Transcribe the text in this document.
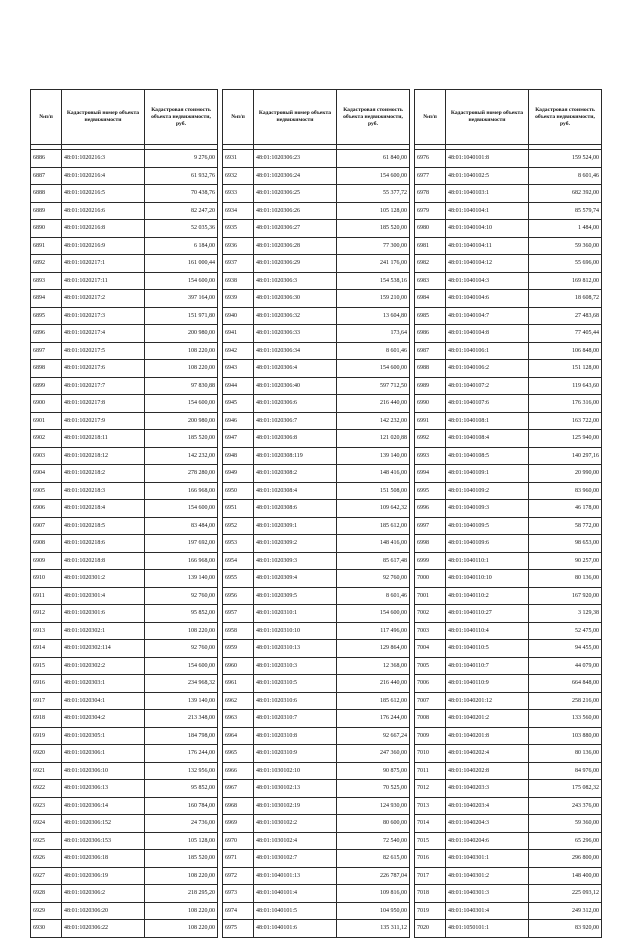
№п/п	Кадастровый номер объекта недвижимости	Кадастровая стоимость объекта недвижимости, руб.

6886	48:01:1020216:3	9 276,00
6887	48:01:1020216:4	61 932,76
6888	48:01:1020216:5	70 438,76
6889	48:01:1020216:6	82 247,20
6890	48:01:1020216:8	52 035,36
6891	48:01:1020216:9	6 184,00
6892	48:01:1020217:1	161 000,44
6893	48:01:1020217:11	154 600,00
6894	48:01:1020217:2	397 164,00
6895	48:01:1020217:3	151 971,80
6896	48:01:1020217:4	200 980,00
6897	48:01:1020217:5	108 220,00
6898	48:01:1020217:6	108 220,00
6899	48:01:1020217:7	97 830,88
6900	48:01:1020217:8	154 600,00
6901	48:01:1020217:9	200 980,00
6902	48:01:1020218:11	185 520,00
6903	48:01:1020218:12	142 232,00
6904	48:01:1020218:2	278 280,00
6905	48:01:1020218:3	166 968,00
6906	48:01:1020218:4	154 600,00
6907	48:01:1020218:5	83 484,00
6908	48:01:1020218:6	197 692,00
6909	48:01:1020218:8	166 968,00
6910	48:01:1020301:2	139 140,00
6911	48:01:1020301:4	92 760,00
6912	48:01:1020301:6	95 852,00
6913	48:01:1020302:1	108 220,00
6914	48:01:1020302:114	92 760,00
6915	48:01:1020302:2	154 600,00
6916	48:01:1020303:1	234 968,32
6917	48:01:1020304:1	139 140,00
6918	48:01:1020304:2	213 348,00
6919	48:01:1020305:1	184 798,00
6920	48:01:1020306:1	176 244,00
6921	48:01:1020306:10	132 956,00
6922	48:01:1020306:13	95 852,00
6923	48:01:1020306:14	160 784,00
6924	48:01:1020306:152	24 736,00
6925	48:01:1020306:153	105 128,00
6926	48:01:1020306:18	185 520,00
6927	48:01:1020306:19	108 220,00
6928	48:01:1020306:2	218 295,20
6929	48:01:1020306:20	108 220,00
6930	48:01:1020306:22	108 220,00
№п/п	Кадастровый номер объекта недвижимости	Кадастровая стоимость объекта недвижимости, руб.

6931	48:01:1020306:23	61 840,00
6932	48:01:1020306:24	154 600,00
6933	48:01:1020306:25	55 377,72
6934	48:01:1020306:26	105 128,00
6935	48:01:1020306:27	185 520,00
6936	48:01:1020306:28	77 300,00
6937	48:01:1020306:29	241 176,00
6938	48:01:1020306:3	154 538,16
6939	48:01:1020306:30	159 210,00
6940	48:01:1020306:32	13 604,80
6941	48:01:1020306:33	173,64
6942	48:01:1020306:34	8 601,46
6943	48:01:1020306:4	154 600,00
6944	48:01:1020306:40	597 712,50
6945	48:01:1020306:6	216 440,00
6946	48:01:1020306:7	142 232,00
6947	48:01:1020306:8	121 020,88
6948	48:01:1020308:119	139 140,00
6949	48:01:1020308:2	148 416,00
6950	48:01:1020308:4	151 508,00
6951	48:01:1020308:6	109 642,32
6952	48:01:1020309:1	185 612,00
6953	48:01:1020309:2	148 416,00
6954	48:01:1020309:3	85 617,48
6955	48:01:1020309:4	92 760,00
6956	48:01:1020309:5	8 601,46
6957	48:01:1020310:1	154 600,00
6958	48:01:1020310:10	117 496,00
6959	48:01:1020310:13	129 864,00
6960	48:01:1020310:3	12 368,00
6961	48:01:1020310:5	216 440,00
6962	48:01:1020310:6	185 612,00
6963	48:01:1020310:7	176 244,00
6964	48:01:1020310:8	92 667,24
6965	48:01:1020310:9	247 360,00
6966	48:01:1030102:10	90 875,00
6967	48:01:1030102:13	70 525,00
6968	48:01:1030102:19	124 930,00
6969	48:01:1030102:2	80 600,00
6970	48:01:1030102:4	72 540,00
6971	48:01:1030102:7	82 615,00
6972	48:01:1040101:13	226 787,04
6973	48:01:1040101:4	109 816,00
6974	48:01:1040101:5	104 950,00
6975	48:01:1040101:6	135 311,12
№п/п	Кадастровый номер объекта недвижимости	Кадастровая стоимость объекта недвижимости, руб.

6976	48:01:1040101:8	159 524,00
6977	48:01:1040102:5	8 601,46
6978	48:01:1040103:1	682 392,00
6979	48:01:1040104:1	85 579,74
6980	48:01:1040104:10	1 484,00
6981	48:01:1040104:11	59 360,00
6982	48:01:1040104:12	55 696,00
6983	48:01:1040104:3	169 812,00
6984	48:01:1040104:6	18 608,72
6985	48:01:1040104:7	27 483,68
6986	48:01:1040104:8	77 405,44
6987	48:01:1040106:1	106 848,00
6988	48:01:1040106:2	151 128,00
6989	48:01:1040107:2	119 643,60
6990	48:01:1040107:6	176 316,00
6991	48:01:1040108:1	163 722,00
6992	48:01:1040108:4	125 940,00
6993	48:01:1040108:5	140 297,16
6994	48:01:1040109:1	20 990,00
6995	48:01:1040109:2	83 960,00
6996	48:01:1040109:3	46 178,00
6997	48:01:1040109:5	58 772,00
6998	48:01:1040109:6	98 653,00
6999	48:01:1040110:1	90 257,00
7000	48:01:1040110:10	80 136,00
7001	48:01:1040110:2	167 920,00
7002	48:01:1040110:27	3 129,38
7003	48:01:1040110:4	52 475,00
7004	48:01:1040110:5	94 455,00
7005	48:01:1040110:7	44 079,00
7006	48:01:1040110:9	664 848,00
7007	48:01:1040201:12	258 216,00
7008	48:01:1040201:2	133 560,00
7009	48:01:1040201:8	103 880,00
7010	48:01:1040202:4	80 136,00
7011	48:01:1040202:8	84 976,00
7012	48:01:1040203:3	175 082,32
7013	48:01:1040203:4	243 376,00
7014	48:01:1040204:3	59 360,00
7015	48:01:1040204:6	65 296,00
7016	48:01:1040301:1	296 800,00
7017	48:01:1040301:2	148 400,00
7018	48:01:1040301:3	225 093,12
7019	48:01:1040301:4	249 312,00
7020	48:01:1050101:1	83 920,00
